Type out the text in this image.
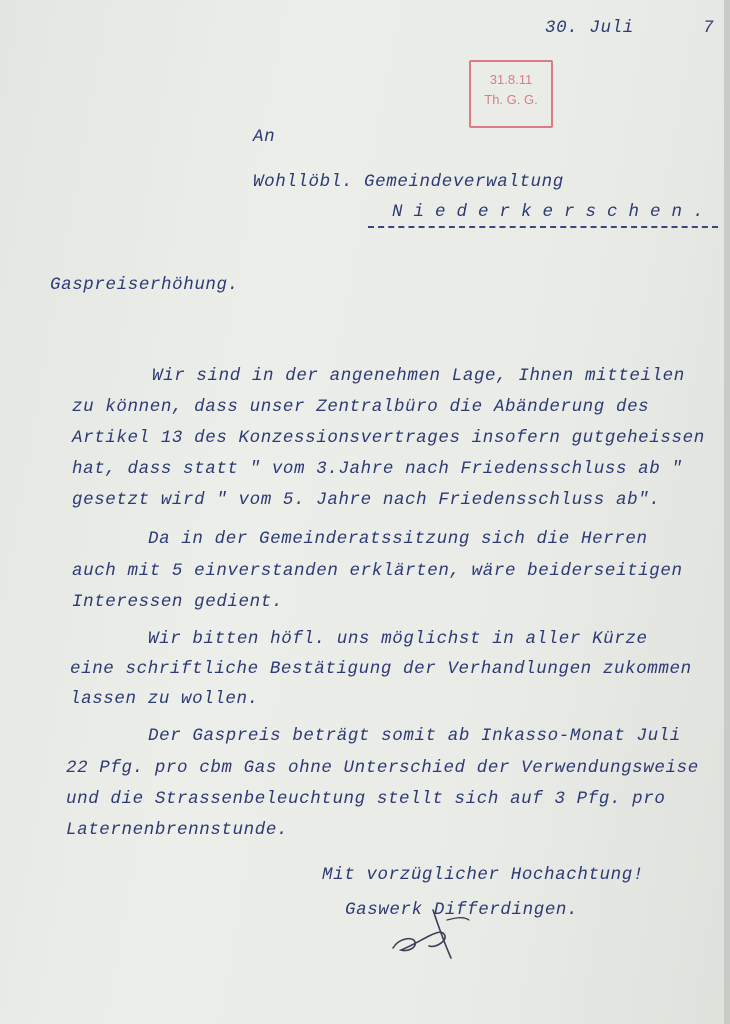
30. Juli	7
31.8.11
Th. G. G.
An
Wohllöbl. Gemeindeverwaltung
Niederkerschen.
Gaspreiserhöhung.
Wir sind in der angenehmen Lage, Ihnen mitteilen
zu können, dass unser Zentralbüro die Abänderung des
Artikel 13 des Konzessionsvertrages insofern gutgeheissen
hat, dass statt " vom 3.Jahre nach Friedensschluss ab "
gesetzt wird " vom 5. Jahre nach Friedensschluss ab".
Da in der Gemeinderatssitzung sich die Herren
auch mit 5 einverstanden erklärten, wäre beiderseitigen
Interessen gedient.
Wir bitten höfl. uns möglichst in aller Kürze
eine schriftliche Bestätigung der Verhandlungen zukommen
lassen zu wollen.
Der Gaspreis beträgt somit ab Inkasso-Monat Juli
22 Pfg. pro cbm Gas ohne Unterschied der Verwendungsweise
und die Strassenbeleuchtung stellt sich auf 3 Pfg. pro
Laternenbrennstunde.
Mit vorzüglicher Hochachtung!
Gaswerk Differdingen.
